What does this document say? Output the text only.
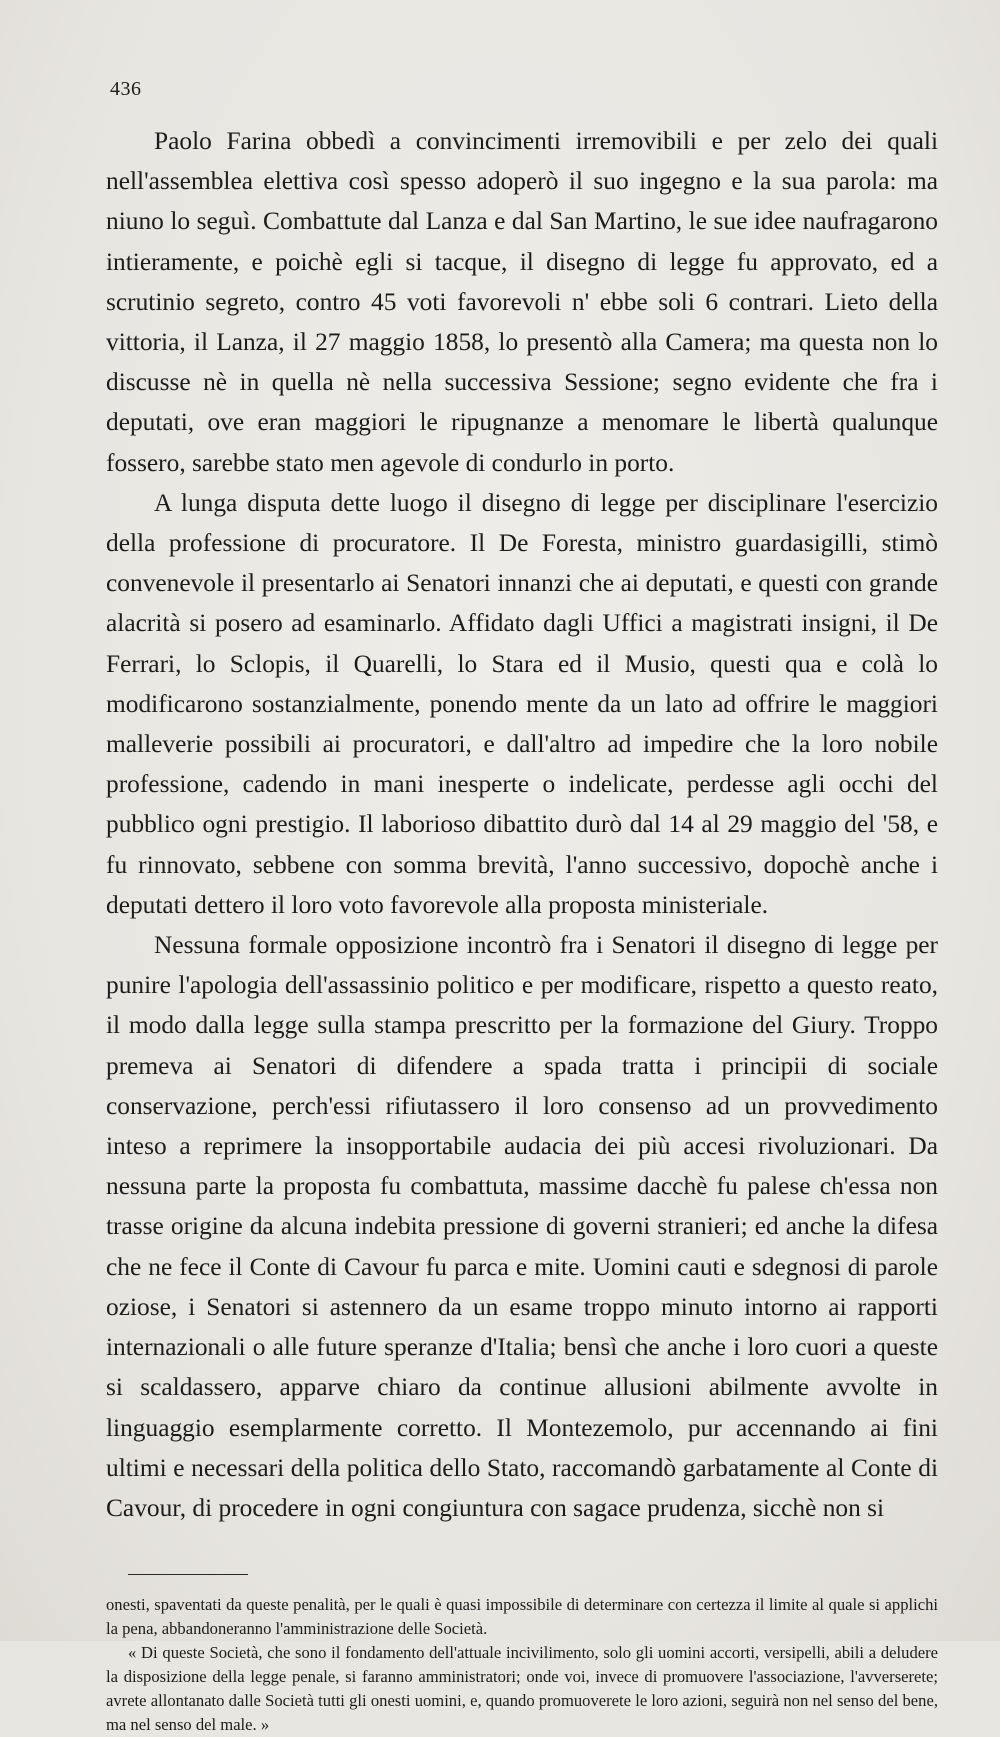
436

Paolo Farina obbedì a convincimenti irremovibili e per zelo dei quali nell'assemblea elettiva così spesso adoperò il suo ingegno e la sua parola: ma niuno lo seguì. Combattute dal Lanza e dal San Martino, le sue idee naufragarono intieramente, e poichè egli si tacque, il disegno di legge fu approvato, ed a scrutinio segreto, contro 45 voti favorevoli n' ebbe soli 6 contrari. Lieto della vittoria, il Lanza, il 27 maggio 1858, lo presentò alla Camera; ma questa non lo discusse nè in quella nè nella successiva Sessione; segno evidente che fra i deputati, ove eran maggiori le ripugnanze a menomare le libertà qualunque fossero, sarebbe stato men agevole di condurlo in porto.

A lunga disputa dette luogo il disegno di legge per disciplinare l'esercizio della professione di procuratore. Il De Foresta, ministro guardasigilli, stimò convenevole il presentarlo ai Senatori innanzi che ai deputati, e questi con grande alacrità si posero ad esaminarlo. Affidato dagli Uffici a magistrati insigni, il De Ferrari, lo Sclopis, il Quarelli, lo Stara ed il Musio, questi qua e colà lo modificarono sostanzialmente, ponendo mente da un lato ad offrire le maggiori malleverie possibili ai procuratori, e dall'altro ad impedire che la loro nobile professione, cadendo in mani inesperte o indelicate, perdesse agli occhi del pubblico ogni prestigio. Il laborioso dibattito durò dal 14 al 29 maggio del '58, e fu rinnovato, sebbene con somma brevità, l'anno successivo, dopochè anche i deputati dettero il loro voto favorevole alla proposta ministeriale.

Nessuna formale opposizione incontrò fra i Senatori il disegno di legge per punire l'apologia dell'assassinio politico e per modificare, rispetto a questo reato, il modo dalla legge sulla stampa prescritto per la formazione del Giury. Troppo premeva ai Senatori di difendere a spada tratta i principii di sociale conservazione, perch'essi rifiutassero il loro consenso ad un provvedimento inteso a reprimere la insopportabile audacia dei più accesi rivoluzionari. Da nessuna parte la proposta fu combattuta, massime dacchè fu palese ch'essa non trasse origine da alcuna indebita pressione di governi stranieri; ed anche la difesa che ne fece il Conte di Cavour fu parca e mite. Uomini cauti e sdegnosi di parole oziose, i Senatori si astennero da un esame troppo minuto intorno ai rapporti internazionali o alle future speranze d'Italia; bensì che anche i loro cuori a queste si scaldassero, apparve chiaro da continue allusioni abilmente avvolte in linguaggio esemplarmente corretto. Il Montezemolo, pur accennando ai fini ultimi e necessari della politica dello Stato, raccomandò garbatamente al Conte di Cavour, di procedere in ogni congiuntura con sagace prudenza, sicchè non si

onesti, spaventati da queste penalità, per le quali è quasi impossibile di determinare con certezza il limite al quale si applichi la pena, abbandoneranno l'amministrazione delle Società.

« Di queste Società, che sono il fondamento dell'attuale incivilimento, solo gli uomini accorti, versipelli, abili a deludere la disposizione della legge penale, si faranno amministratori; onde voi, invece di promuovere l'associazione, l'avverserete; avrete allontanato dalle Società tutti gli onesti uomini, e, quando promuoverete le loro azioni, seguirà non nel senso del bene, ma nel senso del male. »
